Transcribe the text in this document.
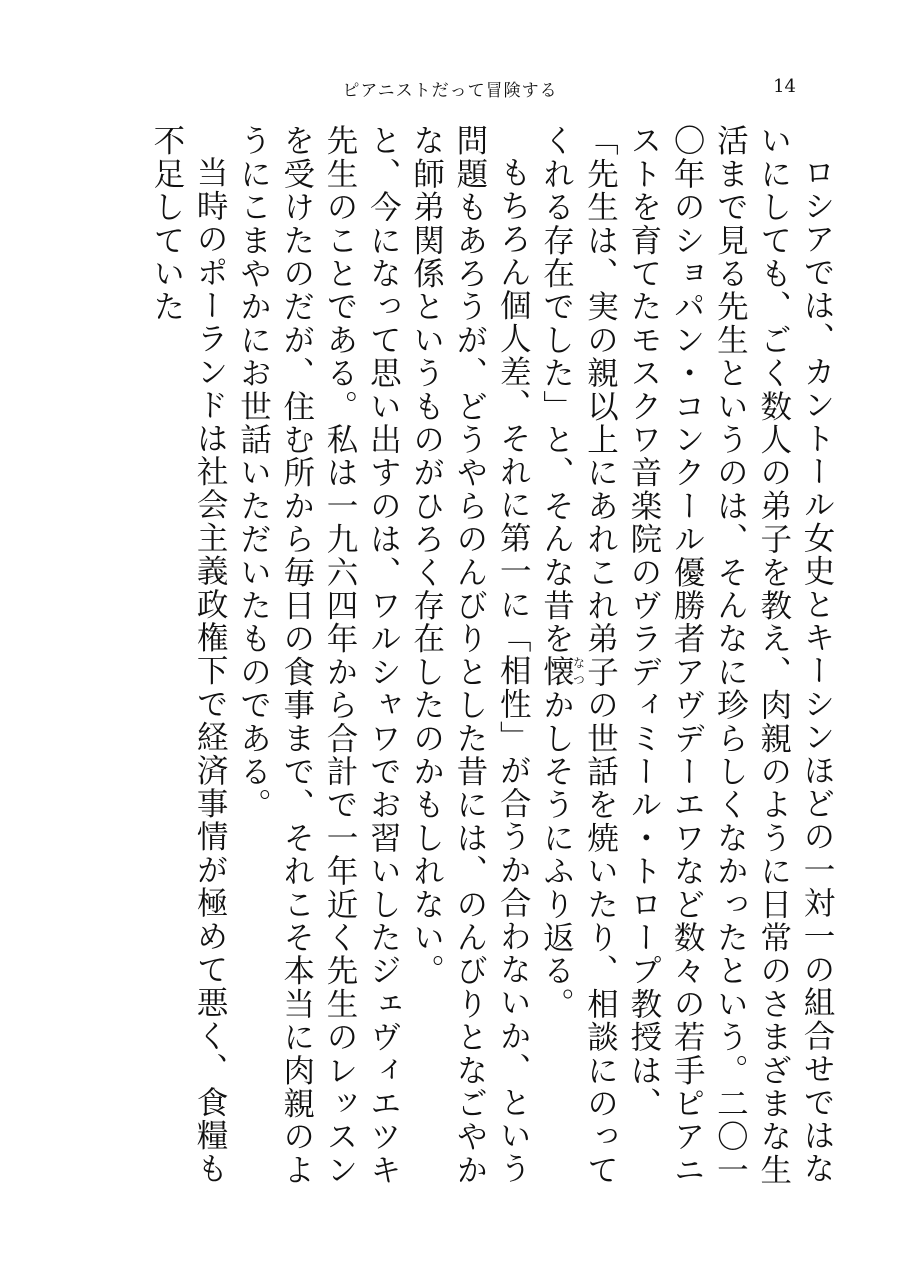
ピアニストだって冒険する	14

ロシアでは、カントール女史とキーシンほどの一対一の組合せではないにしても、ごく数人の弟子を教え、肉親のように日常のさまざまな生活まで見る先生というのは、そんなに珍らしくなかったという。二〇一〇年のショパン・コンクール優勝者アヴデーエワなど数々の若手ピアニストを育てたモスクワ音楽院のヴラディミール・トロープ教授は、

「先生は、実の親以上にあれこれ弟子の世話を焼いたり、相談にのってくれる存在でした」と、そんな昔を懐なつかしそうにふり返る。

もちろん個人差、それに第一に「相性」が合うか合わないか、という問題もあろうが、どうやらのんびりとした昔には、のんびりとなごやかな師弟関係というものがひろく存在したのかもしれない。

と、今になって思い出すのは、ワルシャワでお習いしたジェヴィエツキ先生のことである。私は一九六四年から合計で一年近く先生のレッスンを受けたのだが、住む所から毎日の食事まで、それこそ本当に肉親のようにこまやかにお世話いただいたものである。

当時のポーランドは社会主義政権下で経済事情が極めて悪く、食糧も不足していた
